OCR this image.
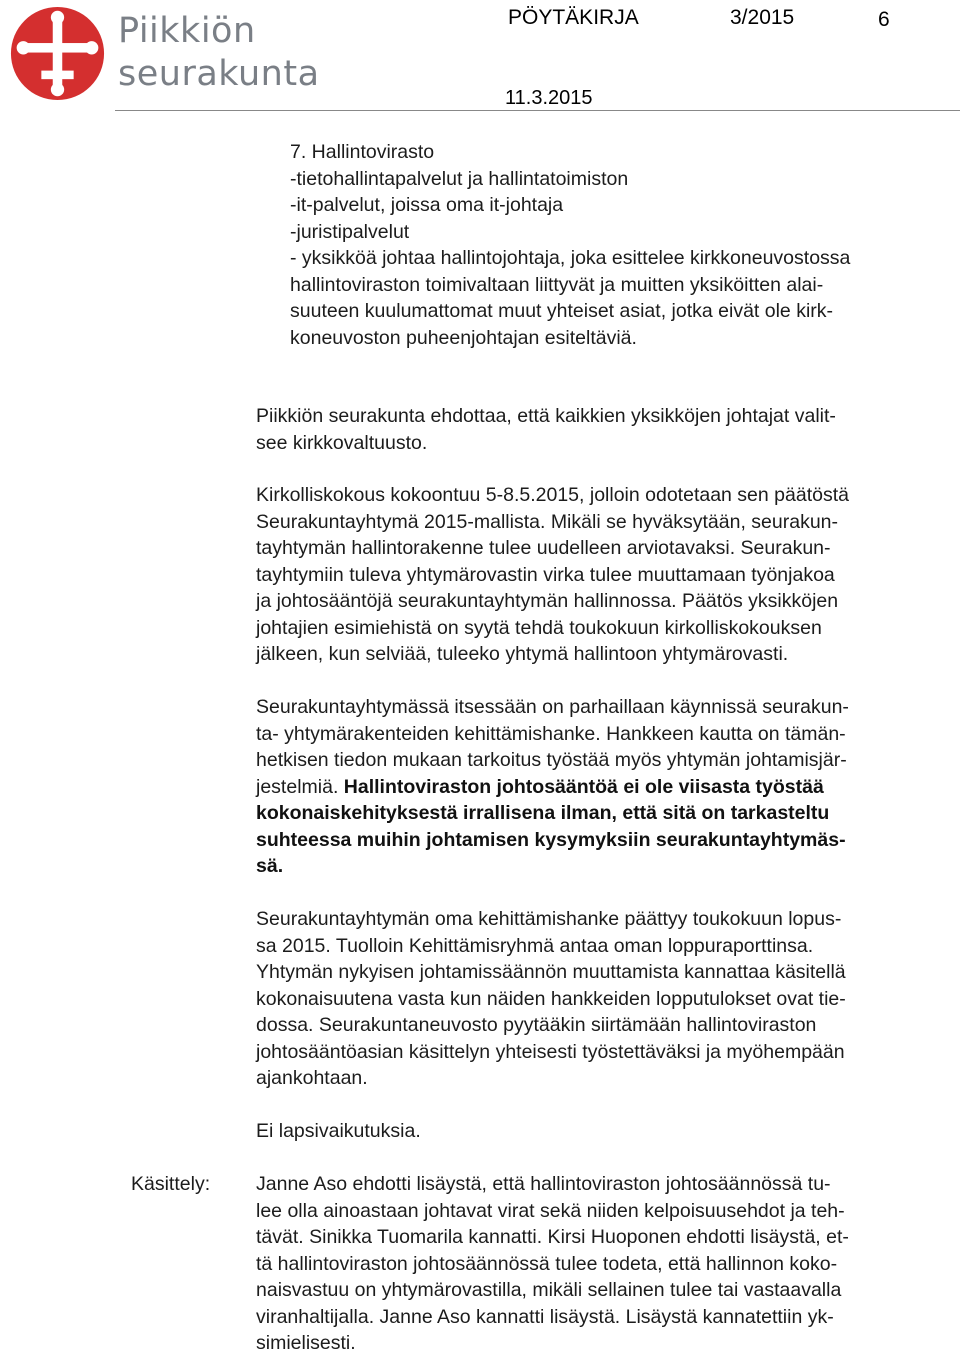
Piikkiön
seurakunta
PÖYTÄKIRJA	3/2015	6
11.3.2015
7. Hallintovirasto
-tietohallintapalvelut ja hallintatoimiston
-it-palvelut, joissa oma it-johtaja
-juristipalvelut
- yksikköä johtaa hallintojohtaja, joka esittelee kirkkoneuvostossa
hallintoviraston toimivaltaan liittyvät ja muitten yksiköitten alai-
suuteen kuulumattomat muut yhteiset asiat, jotka eivät ole kirk-
koneuvoston puheenjohtajan esiteltäviä.
Piikkiön seurakunta ehdottaa, että kaikkien yksikköjen johtajat valit-
see kirkkovaltuusto.
Kirkolliskokous kokoontuu 5-8.5.2015, jolloin odotetaan sen päätöstä
Seurakuntayhtymä 2015-mallista. Mikäli se hyväksytään, seurakun-
tayhtymän hallintorakenne tulee uudelleen arviotavaksi. Seurakun-
tayhtymiin tuleva yhtymärovastin virka tulee muuttamaan työnjakoa
ja johtosääntöjä seurakuntayhtymän hallinnossa. Päätös yksikköjen
johtajien esimiehistä on syytä tehdä toukokuun kirkolliskokouksen
jälkeen, kun selviää, tuleeko yhtymä hallintoon yhtymärovasti.
Seurakuntayhtymässä itsessään on parhaillaan käynnissä seurakun-
ta- yhtymärakenteiden kehittämishanke. Hankkeen kautta on tämän-
hetkisen tiedon mukaan tarkoitus työstää myös yhtymän johtamisjär-
jestelmiä. Hallintoviraston johtosääntöä ei ole viisasta työstää
kokonaiskehityksestä irrallisena ilman, että sitä on tarkasteltu
suhteessa muihin johtamisen kysymyksiin seurakuntayhtymäs-
sä.
Seurakuntayhtymän oma kehittämishanke päättyy toukokuun lopus-
sa 2015. Tuolloin Kehittämisryhmä antaa oman loppuraporttinsa.
Yhtymän nykyisen johtamissäännön muuttamista kannattaa käsitellä
kokonaisuutena vasta kun näiden hankkeiden lopputulokset ovat tie-
dossa. Seurakuntaneuvosto pyytääkin siirtämään hallintoviraston
johtosääntöasian käsittelyn yhteisesti työstettäväksi ja myöhempään
ajankohtaan.
Ei lapsivaikutuksia.
Käsittely: Janne Aso ehdotti lisäystä, että hallintoviraston johtosäännössä tu-
lee olla ainoastaan johtavat virat sekä niiden kelpoisuusehdot ja teh-
tävät. Sinikka Tuomarila kannatti. Kirsi Huoponen ehdotti lisäystä, et-
tä hallintoviraston johtosäännössä tulee todeta, että hallinnon koko-
naisvastuu on yhtymärovastilla, mikäli sellainen tulee tai vastaavalla
viranhaltijalla. Janne Aso kannatti lisäystä. Lisäystä kannatettiin yk-
simielisesti.
